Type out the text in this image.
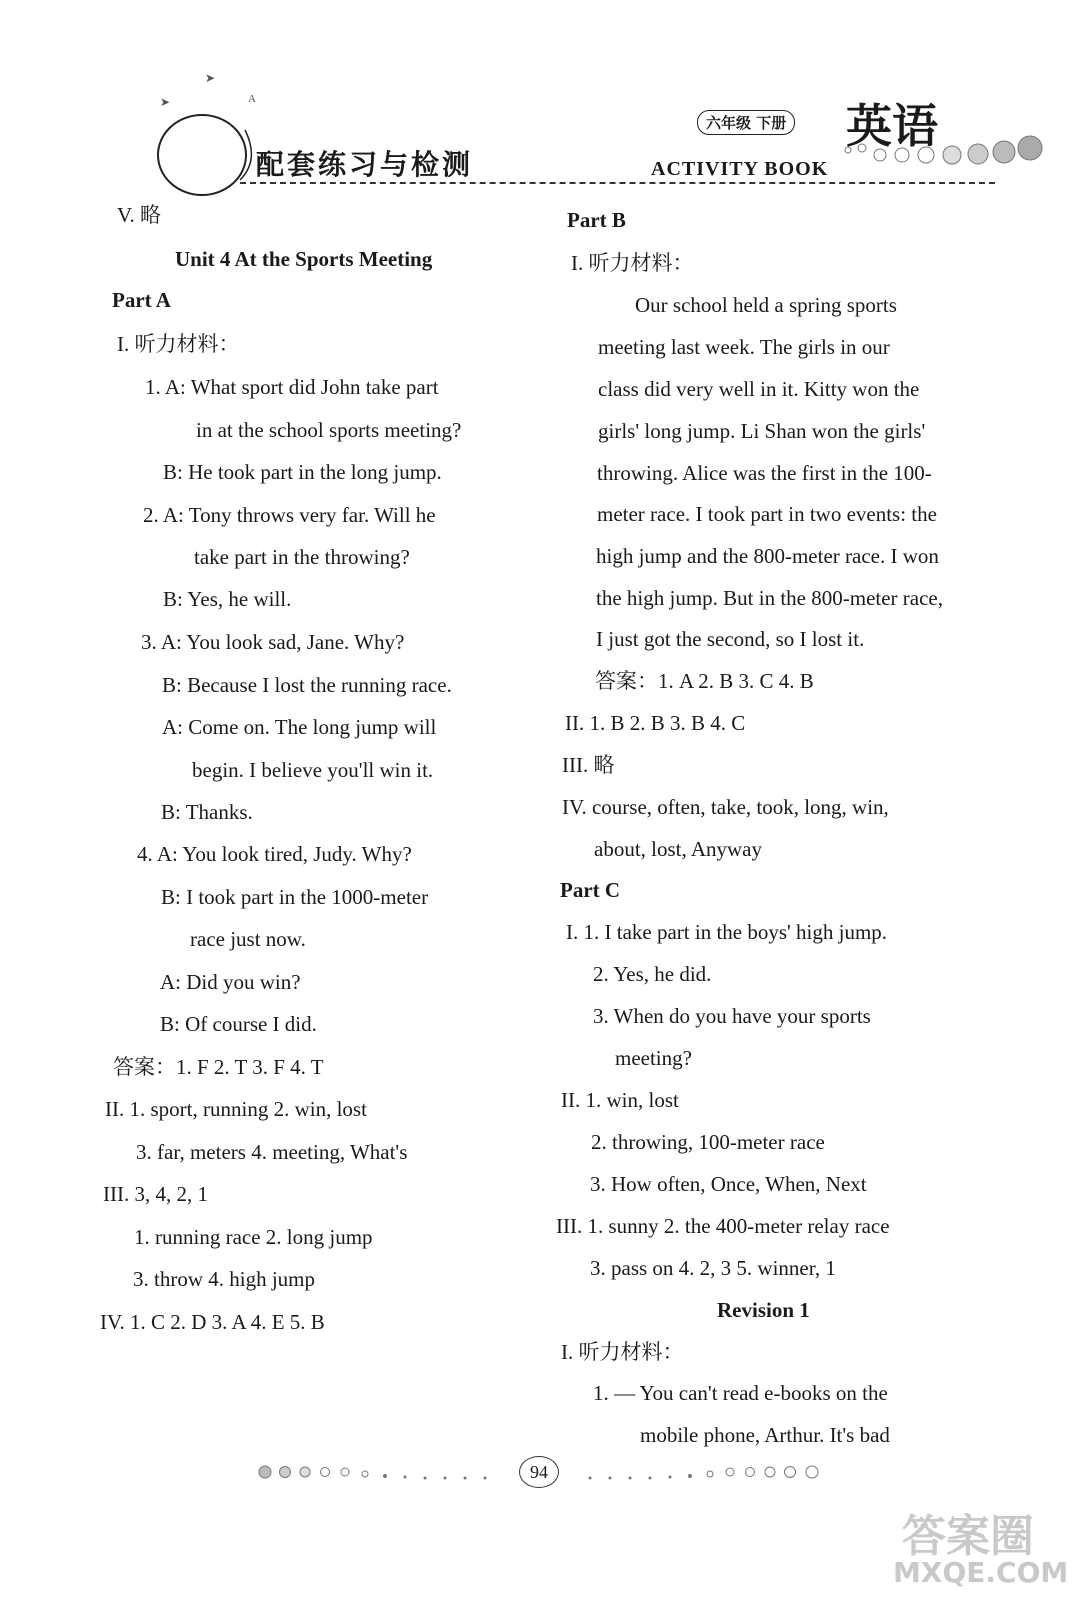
➤
➤
A
配套练习与检测
六年级 下册 英语
ACTIVITY BOOK
V. 略
Unit 4 At the Sports Meeting
Part A
I. 听力材料：
1. A: What sport did John take part
in at the school sports meeting?
B: He took part in the long jump.
2. A: Tony throws very far. Will he
take part in the throwing?
B: Yes, he will.
3. A: You look sad, Jane. Why?
B: Because I lost the running race.
A: Come on. The long jump will
begin. I believe you'll win it.
B: Thanks.
4. A: You look tired, Judy. Why?
B: I took part in the 1000-meter
race just now.
A: Did you win?
B: Of course I did.
答案：1. F 2. T 3. F 4. T
II. 1. sport, running 2. win, lost
3. far, meters 4. meeting, What's
III. 3, 4, 2, 1
1. running race 2. long jump
3. throw 4. high jump
IV. 1. C 2. D 3. A 4. E 5. B
Part B
I. 听力材料：
Our school held a spring sports
meeting last week. The girls in our
class did very well in it. Kitty won the
girls' long jump. Li Shan won the girls'
throwing. Alice was the first in the 100-
meter race. I took part in two events: the
high jump and the 800-meter race. I won
the high jump. But in the 800-meter race,
I just got the second, so I lost it.
答案：1. A 2. B 3. C 4. B
II. 1. B 2. B 3. B 4. C
III. 略
IV. course, often, take, took, long, win,
about, lost, Anyway
Part C
I. 1. I take part in the boys' high jump.
2. Yes, he did.
3. When do you have your sports
meeting?
II. 1. win, lost
2. throwing, 100-meter race
3. How often, Once, When, Next
III. 1. sunny 2. the 400-meter relay race
3. pass on 4. 2, 3 5. winner, 1
Revision 1
I. 听力材料：
1. — You can't read e-books on the
mobile phone, Arthur. It's bad
94
答案圈
MXQE.COM
